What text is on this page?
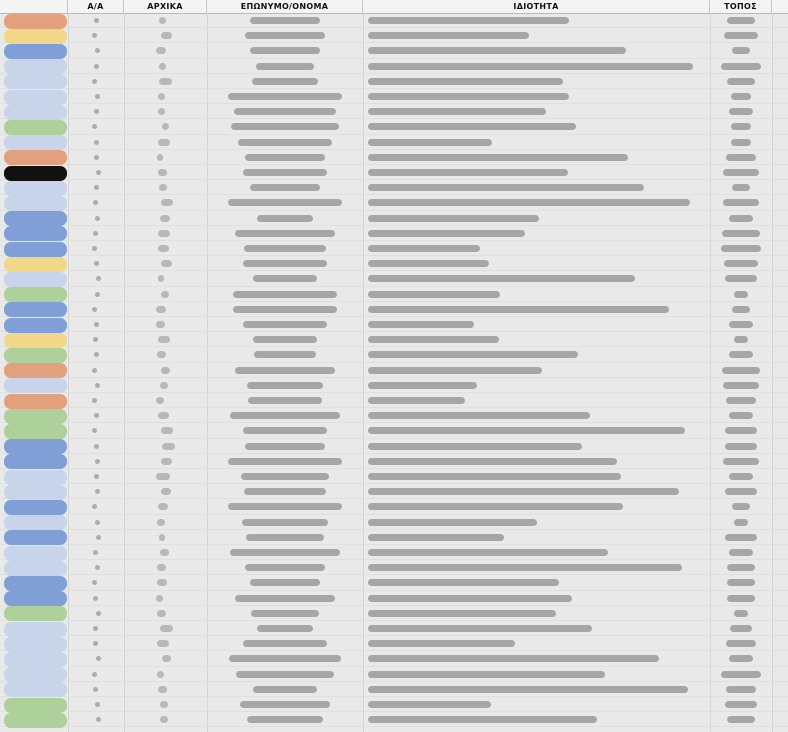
Α/Α	ΑΡΧΙΚΑ	ΕΠΩΝΥΜΟ/ΟΝΟΜΑ	ΙΔΙΟΤΗΤΑ	ΤΟΠΟΣ
